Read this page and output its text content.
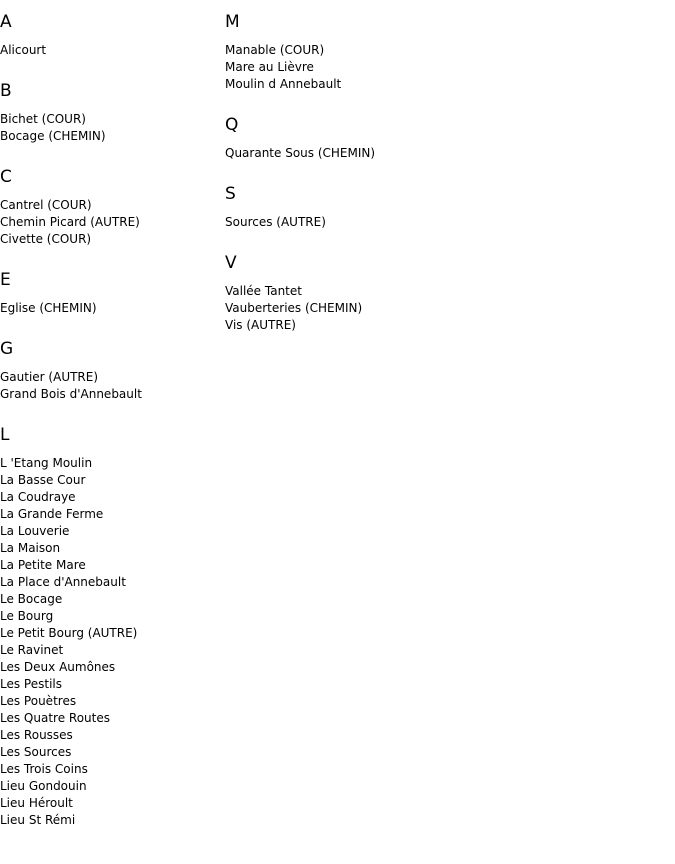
A
Alicourt
B
Bichet (COUR)
Bocage (CHEMIN)
C
Cantrel (COUR)
Chemin Picard (AUTRE)
Civette (COUR)
E
Eglise (CHEMIN)
G
Gautier (AUTRE)
Grand Bois d'Annebault
L
L 'Etang Moulin
La Basse Cour
La Coudraye
La Grande Ferme
La Louverie
La Maison
La Petite Mare
La Place d'Annebault
Le Bocage
Le Bourg
Le Petit Bourg (AUTRE)
Le Ravinet
Les Deux Aumônes
Les Pestils
Les Pouètres
Les Quatre Routes
Les Rousses
Les Sources
Les Trois Coins
Lieu Gondouin
Lieu Héroult
Lieu St Rémi
M
Manable (COUR)
Mare au Lièvre
Moulin d Annebault
Q
Quarante Sous (CHEMIN)
S
Sources (AUTRE)
V
Vallée Tantet
Vauberteries (CHEMIN)
Vis (AUTRE)
